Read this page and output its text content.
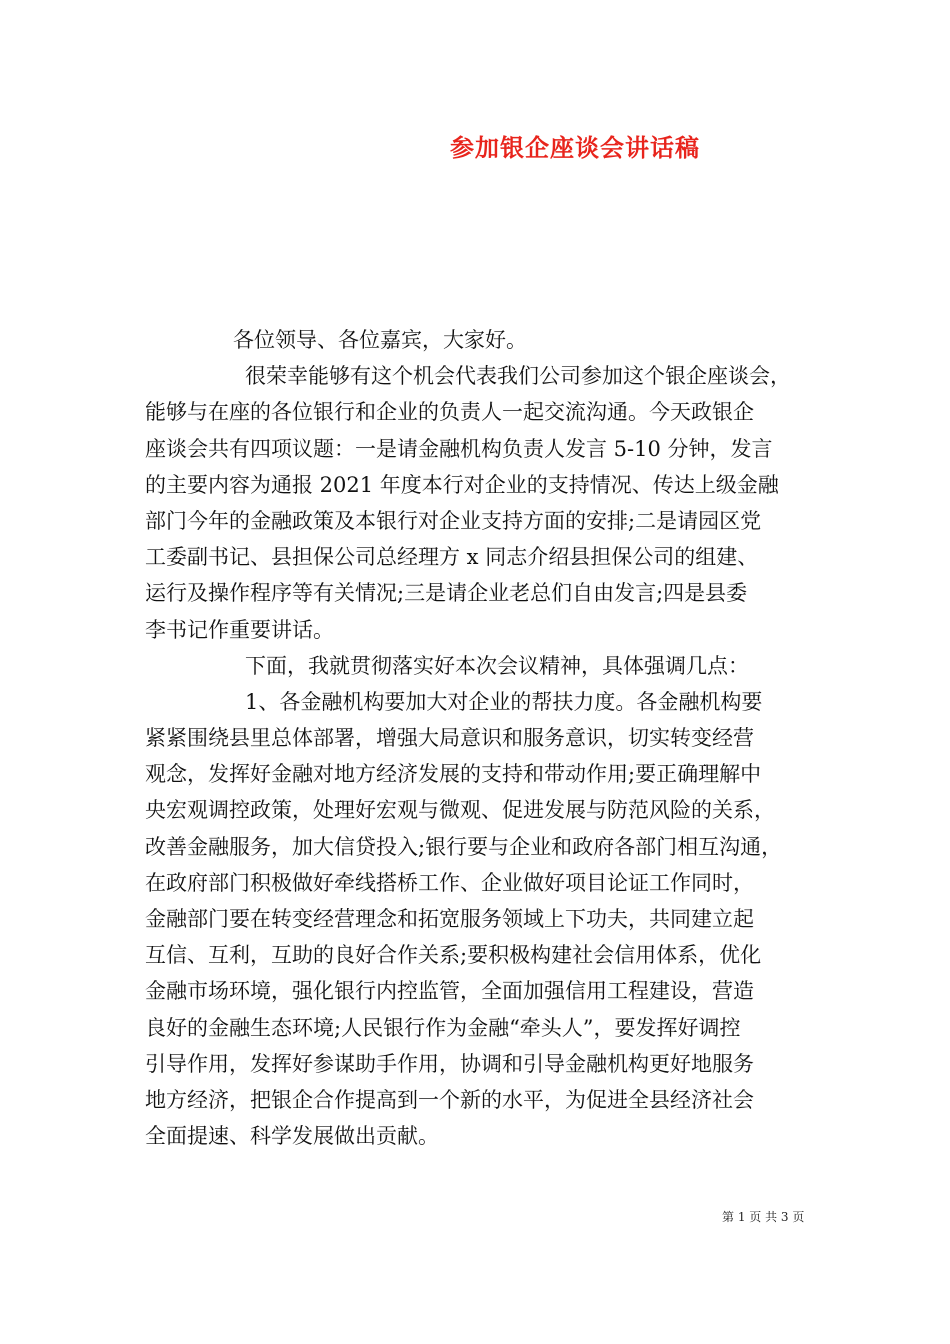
参加银企座谈会讲话稿
各位领导、各位嘉宾，大家好。
很荣幸能够有这个机会代表我们公司参加这个银企座谈会，
能够与在座的各位银行和企业的负责人一起交流沟通。今天政银企
座谈会共有四项议题：一是请金融机构负责人发言 5-10 分钟，发言
的主要内容为通报 2021 年度本行对企业的支持情况、传达上级金融
部门今年的金融政策及本银行对企业支持方面的安排;二是请园区党
工委副书记、县担保公司总经理方 x 同志介绍县担保公司的组建、
运行及操作程序等有关情况;三是请企业老总们自由发言;四是县委
李书记作重要讲话。
下面，我就贯彻落实好本次会议精神，具体强调几点：
1、各金融机构要加大对企业的帮扶力度。各金融机构要
紧紧围绕县里总体部署，增强大局意识和服务意识，切实转变经营
观念，发挥好金融对地方经济发展的支持和带动作用;要正确理解中
央宏观调控政策，处理好宏观与微观、促进发展与防范风险的关系，
改善金融服务，加大信贷投入;银行要与企业和政府各部门相互沟通，
在政府部门积极做好牵线搭桥工作、企业做好项目论证工作同时，
金融部门要在转变经营理念和拓宽服务领域上下功夫，共同建立起
互信、互利，互助的良好合作关系;要积极构建社会信用体系，优化
金融市场环境，强化银行内控监管，全面加强信用工程建设，营造
良好的金融生态环境;人民银行作为金融“牵头人”，要发挥好调控
引导作用，发挥好参谋助手作用，协调和引导金融机构更好地服务
地方经济，把银企合作提高到一个新的水平，为促进全县经济社会
全面提速、科学发展做出贡献。
第 1 页 共 3 页
